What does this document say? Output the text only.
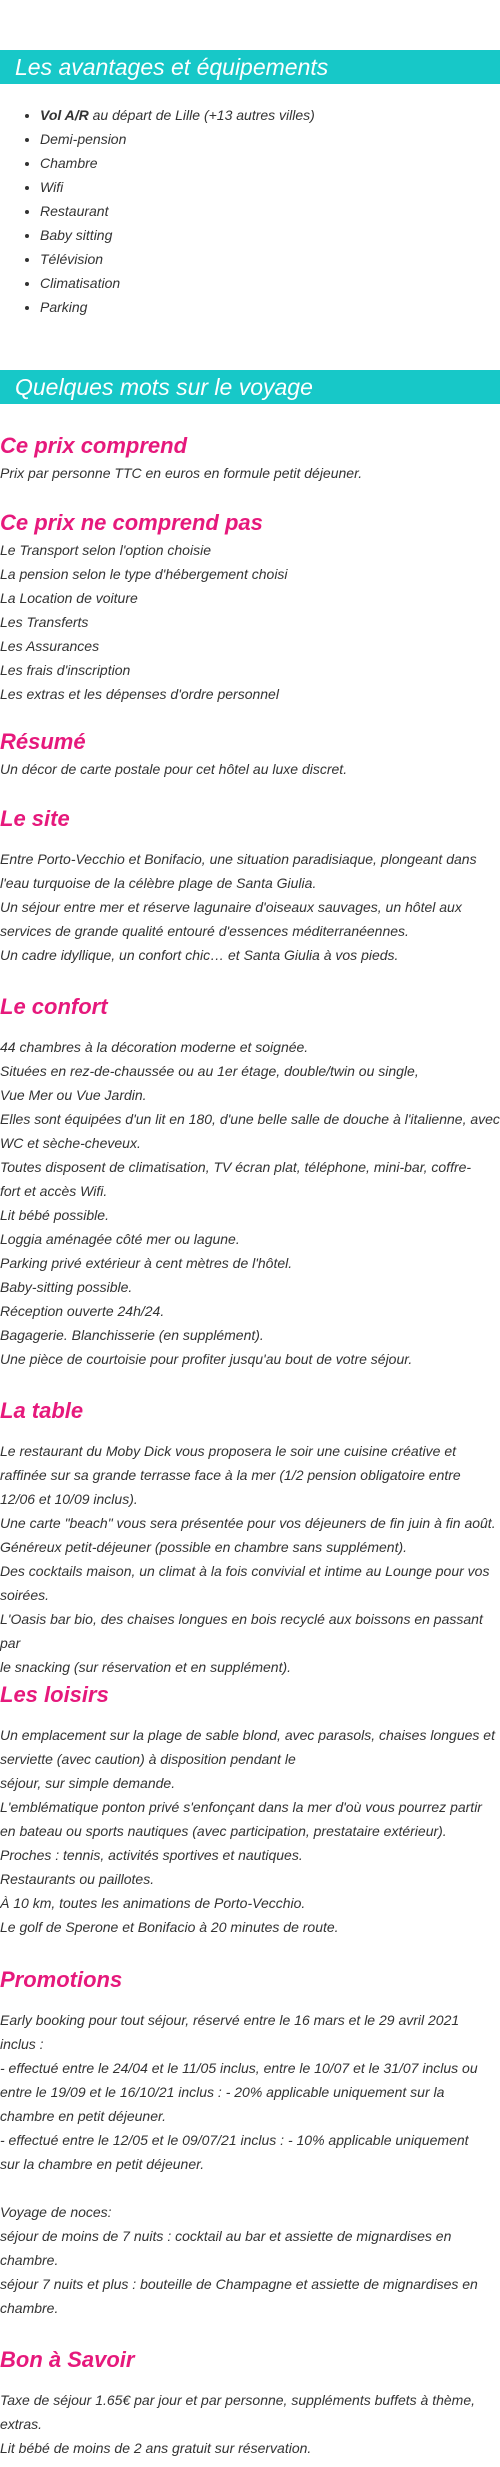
Les avantages et équipements
• Vol A/R au départ de Lille (+13 autres villes)
• Demi-pension
• Chambre
• Wifi
• Restaurant
• Baby sitting
• Télévision
• Climatisation
• Parking
Quelques mots sur le voyage
Ce prix comprend

Prix par personne TTC en euros en formule petit déjeuner.

Ce prix ne comprend pas

Le Transport selon l'option choisie
La pension selon le type d'hébergement choisi
La Location de voiture
Les Transferts
Les Assurances
Les frais d'inscription
Les extras et les dépenses d'ordre personnel

Résumé

Un décor de carte postale pour cet hôtel au luxe discret.

Le site

Entre Porto-Vecchio et Bonifacio, une situation paradisiaque, plongeant dans
l'eau turquoise de la célèbre plage de Santa Giulia.
Un séjour entre mer et réserve lagunaire d'oiseaux sauvages, un hôtel aux
services de grande qualité entouré d'essences méditerranéennes.
Un cadre idyllique, un confort chic… et Santa Giulia à vos pieds.

Le confort

44 chambres à la décoration moderne et soignée.
Situées en rez-de-chaussée ou au 1er étage, double/twin ou single,
Vue Mer ou Vue Jardin.
Elles sont équipées d'un lit en 180, d'une belle salle de douche à l'italienne, avec
WC et sèche-cheveux.
Toutes disposent de climatisation, TV écran plat, téléphone, mini-bar, coffre-
fort et accès Wifi.
Lit bébé possible.
Loggia aménagée côté mer ou lagune.
Parking privé extérieur à cent mètres de l'hôtel.
Baby-sitting possible.
Réception ouverte 24h/24.
Bagagerie. Blanchisserie (en supplément).
Une pièce de courtoisie pour profiter jusqu'au bout de votre séjour.

La table

Le restaurant du Moby Dick vous proposera le soir une cuisine créative et
raffinée sur sa grande terrasse face à la mer (1/2 pension obligatoire entre
12/06 et 10/09 inclus).
Une carte "beach" vous sera présentée pour vos déjeuners de fin juin à fin août.
Généreux petit-déjeuner (possible en chambre sans supplément).
Des cocktails maison, un climat à la fois convivial et intime au Lounge pour vos
soirées.
L'Oasis bar bio, des chaises longues en bois recyclé aux boissons en passant par
le snacking (sur réservation et en supplément).

Les loisirs

Un emplacement sur la plage de sable blond, avec parasols, chaises longues et
serviette (avec caution) à disposition pendant le
séjour, sur simple demande.
L'emblématique ponton privé s'enfonçant dans la mer d'où vous pourrez partir
en bateau ou sports nautiques (avec participation, prestataire extérieur).
Proches : tennis, activités sportives et nautiques.
Restaurants ou paillotes.
À 10 km, toutes les animations de Porto-Vecchio.
Le golf de Sperone et Bonifacio à 20 minutes de route.

Promotions

Early booking pour tout séjour, réservé entre le 16 mars et le 29 avril 2021
inclus :
- effectué entre le 24/04 et le 11/05 inclus, entre le 10/07 et le 31/07 inclus ou
entre le 19/09 et le 16/10/21 inclus : - 20% applicable uniquement sur la
chambre en petit déjeuner.
- effectué entre le 12/05 et le 09/07/21 inclus : - 10% applicable uniquement
sur la chambre en petit déjeuner.

Voyage de noces:
séjour de moins de 7 nuits : cocktail au bar et assiette de mignardises en
chambre.
séjour 7 nuits et plus : bouteille de Champagne et assiette de mignardises en
chambre.

Bon à Savoir

Taxe de séjour 1.65€ par jour et par personne, suppléments buffets à thème,
extras.
Lit bébé de moins de 2 ans gratuit sur réservation.
